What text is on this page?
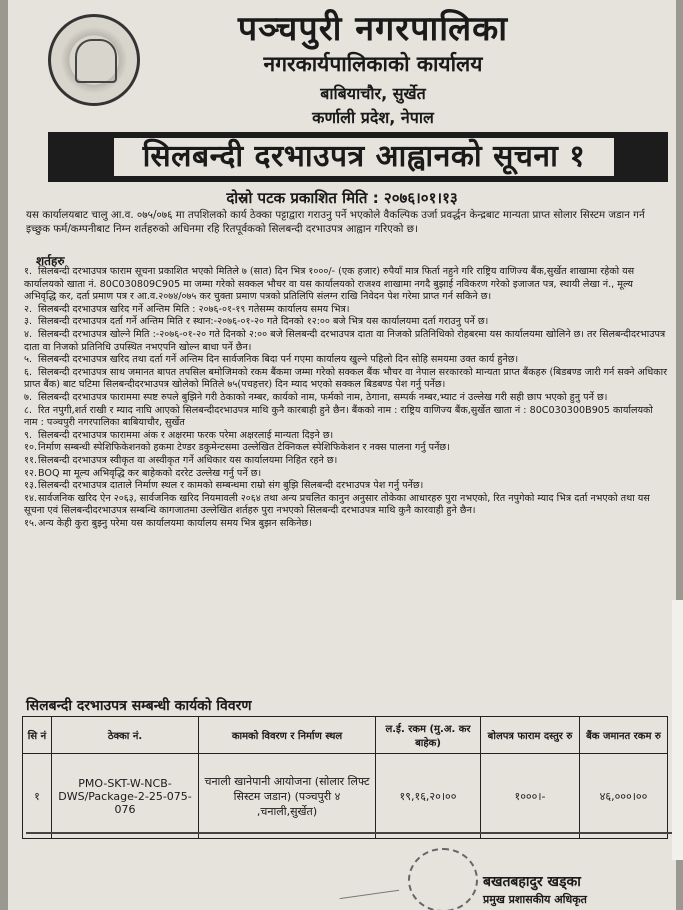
पञ्चपुरी नगरपालिका
नगरकार्यपालिकाको कार्यालय
बाबियाचौर, सुर्खेत
कर्णाली प्रदेश, नेपाल
सिलबन्दी दरभाउपत्र आह्वानको सूचना १
दोस्रो पटक प्रकाशित मिति : २०७६।०१।१३
यस कार्यालयबाट चालु आ.व. ०७५/०७६ मा तपशिलको कार्य ठेक्का पट्टाद्वारा गराउनु पर्ने भएकोले वैकल्पिक उर्जा प्रवर्द्धन केन्द्रबाट मान्यता प्राप्त सोलार सिस्टम जडान गर्न इच्छुक फर्म/कम्पनीबाट निम्न शर्तहरुको अधिनमा रहि रितपूर्वकको सिलबन्दी दरभाउपत्र आह्वान गरिएको छ।
शर्तहरु
१. सिलबन्दी दरभाउपत्र फाराम सूचना प्रकाशित भएको मितिले ७ (सात) दिन भित्र १०००/- (एक हजार) रुपैयाँ मात्र फिर्ता नहुने गरि राष्ट्रिय वाणिज्य बैंक,सुर्खेत शाखामा रहेको यस कार्यालयको खाता नं. 80C030809C905 मा जम्मा गरेको सक्कल भौचर वा यस कार्यालयको राजश्व शाखामा नगदै बुझाई नविकरण गरेको इजाजत पत्र, स्थायी लेखा नं., मूल्य अभिवृद्धि कर, दर्ता प्रमाण पत्र र आ.व.२०७४/०७५ कर चुक्ता प्रमाण पत्रको प्रतिलिपि संलग्न राखि निवेदन पेश गरेमा प्राप्त गर्न सकिने छ।
२. सिलबन्दी दरभाउपत्र खरिद गर्ने अन्तिम मिति : २०७६-०१-१९ गतेसम्म कार्यालय समय भित्र।
३. सिलबन्दी दरभाउपत्र दर्ता गर्ने अन्तिम मिति र स्थान:-२०७६-०१-२० गते दिनको १२:०० बजे भित्र यस कार्यालयमा दर्ता गराउनु पर्ने छ।
४. सिलबन्दी दरभाउपत्र खोल्ने मिति :-२०७६-०१-२० गते दिनको २:०० बजे सिलबन्दी दरभाउपत्र दाता वा निजको प्रतिनिधिको रोहबरमा यस कार्यालयमा खोलिने छ। तर सिलबन्दीदरभाउपत्र दाता वा निजको प्रतिनिधि उपस्थित नभएपनि खोल्न बाधा पर्ने छैन।
५. सिलबन्दी दरभाउपत्र खरिद तथा दर्ता गर्ने अन्तिम दिन सार्वजनिक बिदा पर्न गएमा कार्यालय खुल्ने पहिलो दिन सोहि समयमा उक्त कार्य हुनेछ।
६. सिलबन्दी दरभाउपत्र साथ जमानत बापत तपसिल बमोजिमको रकम बैंकमा जम्मा गरेको सक्कल बैंक भौचर वा नेपाल सरकारको मान्यता प्राप्त बैंकहरु (बिडबण्ड जारी गर्न सक्ने अधिकार प्राप्त बैंक) बाट घटिमा सिलबन्दीदरभाउपत्र खोलेको मितिले ७५(पचहत्तर) दिन म्याद भएको सक्कल बिडबण्ड पेश गर्नु पर्नेछ।
७. सिलबन्दी दरभाउपत्र फाराममा स्पष्ट रुपले बुझिने गरी ठेकाको नम्बर, कार्यको नाम, फर्मको नाम, ठेगाना, सम्पर्क नम्बर,भ्याट नं उल्लेख गरी सही छाप भएको हुनु पर्ने छ।
८. रित नपुगी,शर्त राखी र म्याद नाघि आएको सिलबन्दीदरभाउपत्र माथि कुनै कारबाही हुने छैन। बैंकको नाम : राष्ट्रिय वाणिज्य बैंक,सुर्खेत खाता नं : 80C030300B905 कार्यालयको नाम : पञ्चपुरी नगरपालिका बाबियाचौर, सुर्खेत
९. सिलबन्दी दरभाउपत्र फाराममा अंक र अक्षरमा फरक परेमा अक्षरलाई मान्यता दिइने छ।
१०.निर्माण सम्बन्धी स्पेशिफिकेशनको हकमा टेण्डर डकुमेन्टसमा उल्लेखित टेक्निकल स्पेशिफिकेशन र नक्स पालना गर्नु पर्नेछ।
११.सिलबन्दी दरभाउपत्र स्वीकृत वा अस्वीकृत गर्ने अधिकार यस कार्यालयमा निहित रहने छ।
१२.BOQ मा मूल्य अभिवृद्धि कर बाहेकको दररेट उल्लेख गर्नु पर्ने छ।
१३.सिलबन्दी दरभाउपत्र दाताले निर्माण स्थल र कामको सम्बन्धमा राम्रो संग बुझि सिलबन्दी दरभाउपत्र पेश गर्नु पर्नेछ।
१४.सार्वजनिक खरिद ऐन २०६३, सार्वजनिक खरिद नियमावली २०६४ तथा अन्य प्रचलित कानुन अनुसार तोकेका आधारहरु पुरा नभएको, रित नपुगेको म्याद भित्र दर्ता नभएको तथा यस सूचना एवं सिलबन्दीदरभाउपत्र सम्बन्धि कागजातमा उल्लेखित शर्तहरु पुरा नभएको सिलबन्दी दरभाउपत्र माथि कुनै कारवाही हुने छैन।
१५.अन्य केही कुरा बुझ्नु परेमा यस कार्यालयमा कार्यालय समय भित्र बुझन सकिनेछ।
सिलबन्दी दरभाउपत्र सम्बन्धी कार्यको विवरण
सि नं	ठेक्का नं.	कामको विवरण र निर्माण स्थल	ल.ई. रकम (मु.अ. कर बाहेक)	बोलपत्र फाराम दस्तुर रु	बैंक जमानत रकम रु
१	PMO-SKT-W-NCB-DWS/Package-2-25-075-076	चनाली खानेपानी आयोजना (सोलार लिफ्ट सिस्टम जडान) (पञ्चपुरी ४ ,चनाली,सुर्खेत)	१९,१६,२०।००	१०००।-	४६,०००।००
बखतबहादुर खड्का
प्रमुख प्रशासकीय अधिकृत
